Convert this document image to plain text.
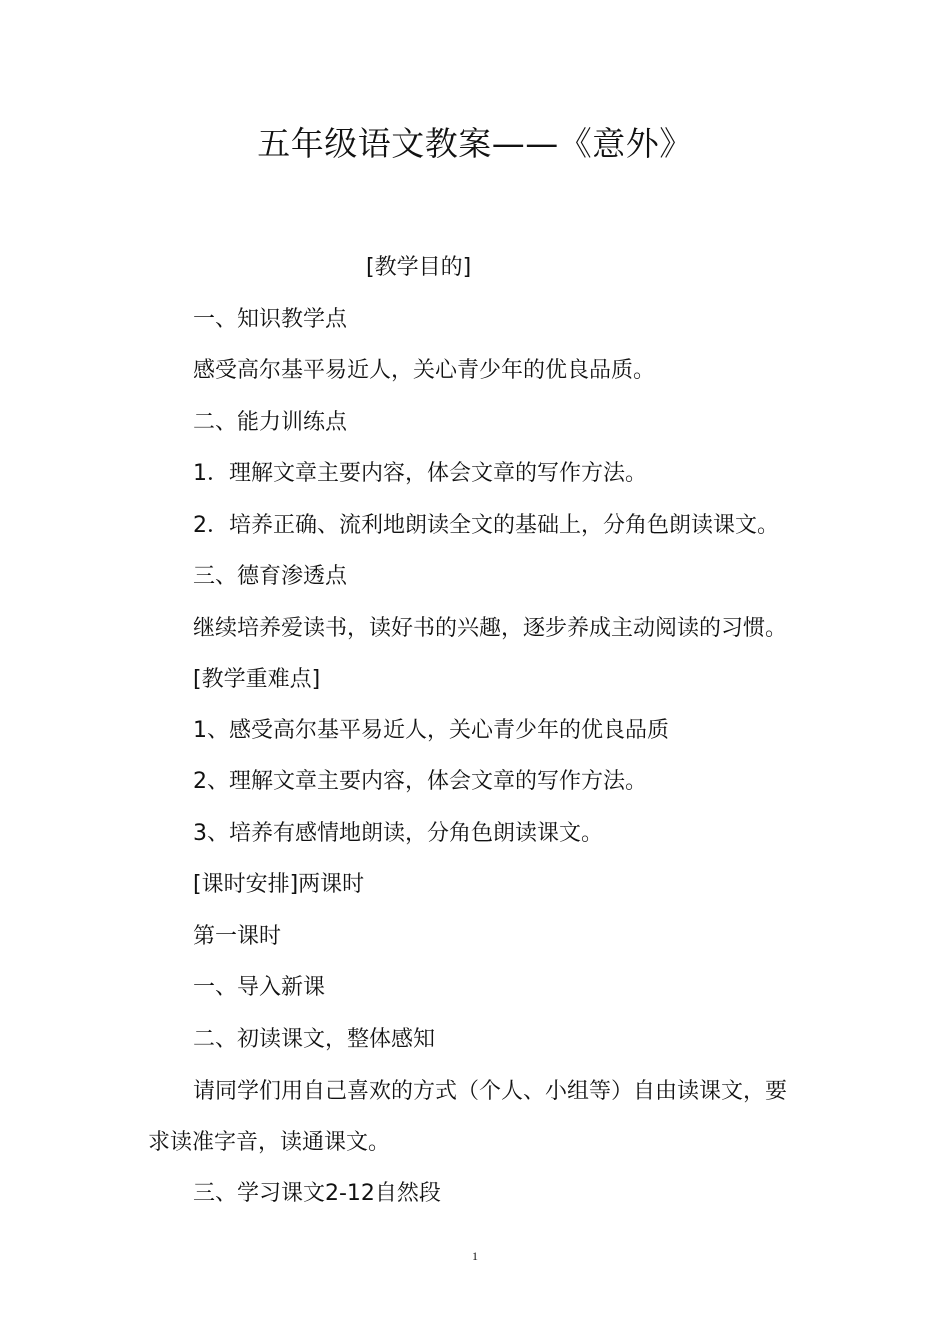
五年级语文教案——《意外》

[教学目的]

一、知识教学点

感受高尔基平易近人，关心青少年的优良品质。

二、能力训练点

1．理解文章主要内容，体会文章的写作方法。

2．培养正确、流利地朗读全文的基础上，分角色朗读课文。

三、德育渗透点

继续培养爱读书，读好书的兴趣，逐步养成主动阅读的习惯。

[教学重难点]

1、感受高尔基平易近人，关心青少年的优良品质

2、理解文章主要内容，体会文章的写作方法。

3、培养有感情地朗读，分角色朗读课文。

[课时安排]两课时

第一课时

一、导入新课

二、初读课文，整体感知

请同学们用自己喜欢的方式（个人、小组等）自由读课文，要

求读准字音，读通课文。

三、学习课文2-12自然段

1
